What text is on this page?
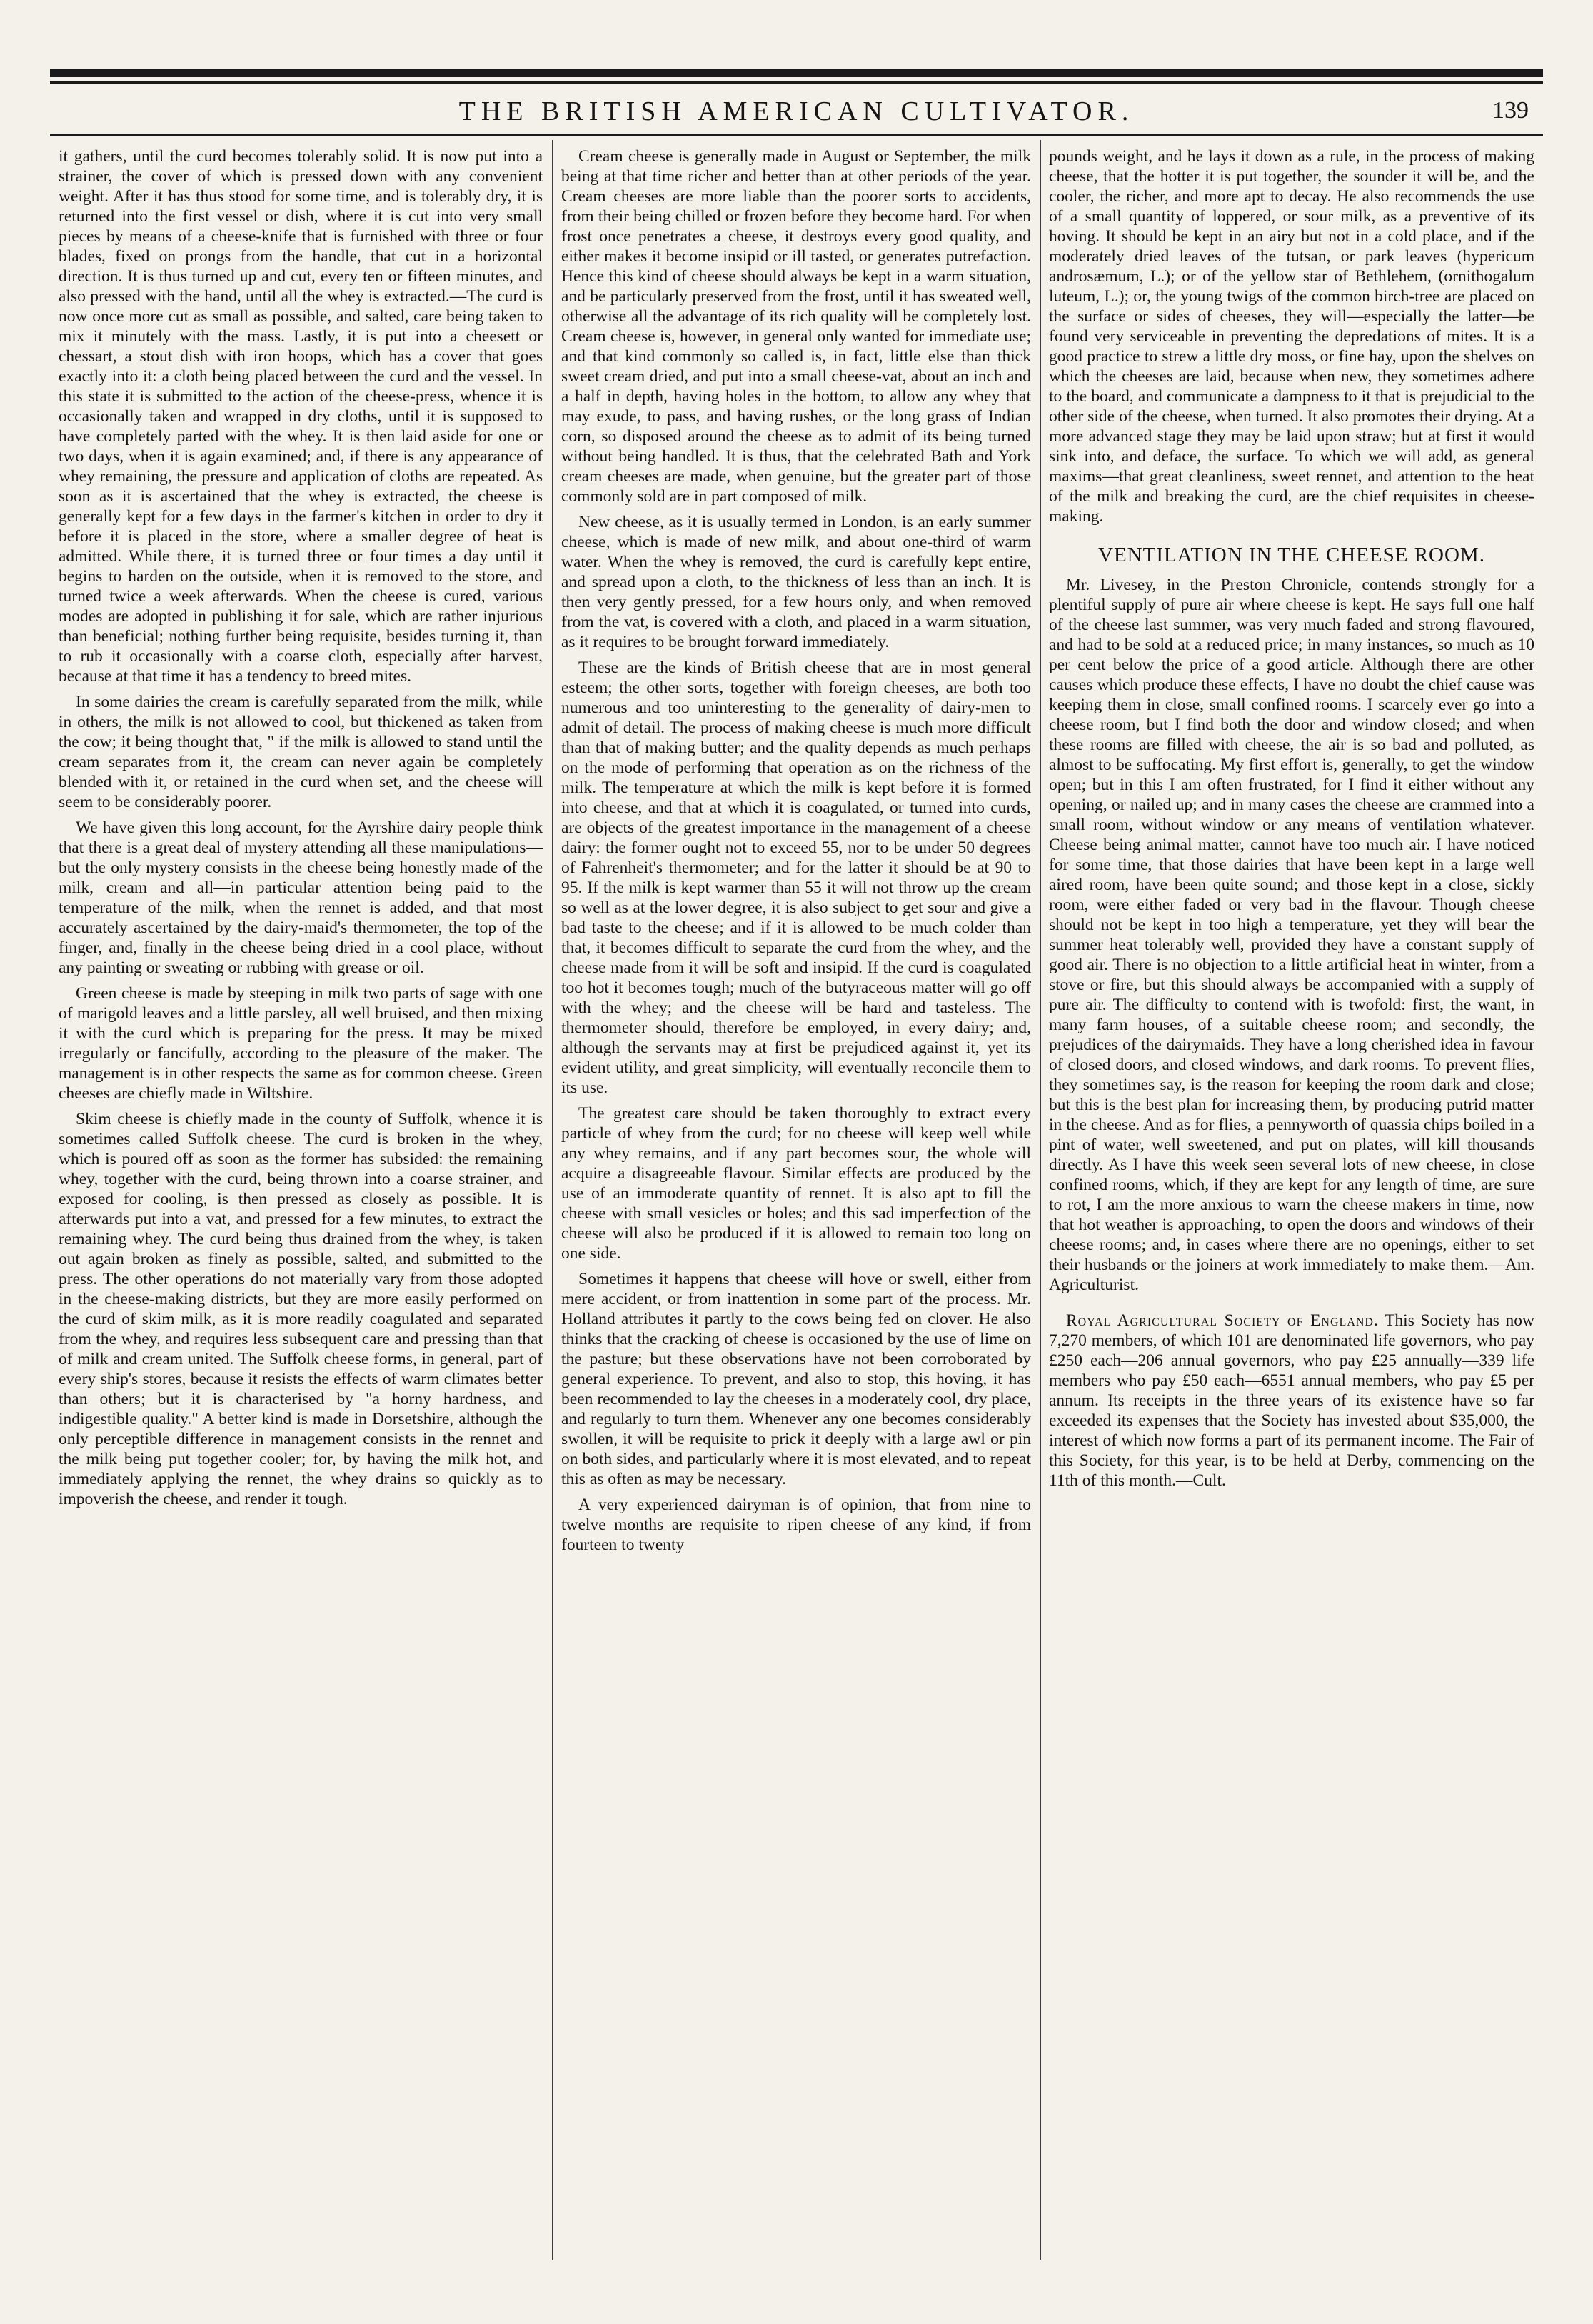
THE BRITISH AMERICAN CULTIVATOR.	139

it gathers, until the curd becomes tolerably solid. It is now put into a strainer, the cover of which is pressed down with any convenient weight. After it has thus stood for some time, and is tolerably dry, it is returned into the first vessel or dish, where it is cut into very small pieces by means of a cheese-knife that is furnished with three or four blades, fixed on prongs from the handle, that cut in a horizontal direction. It is thus turned up and cut, every ten or fifteen minutes, and also pressed with the hand, until all the whey is extracted.—The curd is now once more cut as small as possible, and salted, care being taken to mix it minutely with the mass. Lastly, it is put into a cheesett or chessart, a stout dish with iron hoops, which has a cover that goes exactly into it: a cloth being placed between the curd and the vessel. In this state it is submitted to the action of the cheese-press, whence it is occasionally taken and wrapped in dry cloths, until it is supposed to have completely parted with the whey. It is then laid aside for one or two days, when it is again examined; and, if there is any appearance of whey remaining, the pressure and application of cloths are repeated. As soon as it is ascertained that the whey is extracted, the cheese is generally kept for a few days in the farmer's kitchen in order to dry it before it is placed in the store, where a smaller degree of heat is admitted. While there, it is turned three or four times a day until it begins to harden on the outside, when it is removed to the store, and turned twice a week afterwards. When the cheese is cured, various modes are adopted in publishing it for sale, which are rather injurious than beneficial; nothing further being requisite, besides turning it, than to rub it occasionally with a coarse cloth, especially after harvest, because at that time it has a tendency to breed mites.

In some dairies the cream is carefully separated from the milk, while in others, the milk is not allowed to cool, but thickened as taken from the cow; it being thought that, " if the milk is allowed to stand until the cream separates from it, the cream can never again be completely blended with it, or retained in the curd when set, and the cheese will seem to be considerably poorer.

We have given this long account, for the Ayrshire dairy people think that there is a great deal of mystery attending all these manipulations—but the only mystery consists in the cheese being honestly made of the milk, cream and all—in particular attention being paid to the temperature of the milk, when the rennet is added, and that most accurately ascertained by the dairy-maid's thermometer, the top of the finger, and, finally in the cheese being dried in a cool place, without any painting or sweating or rubbing with grease or oil.

Green cheese is made by steeping in milk two parts of sage with one of marigold leaves and a little parsley, all well bruised, and then mixing it with the curd which is preparing for the press. It may be mixed irregularly or fancifully, according to the pleasure of the maker. The management is in other respects the same as for common cheese. Green cheeses are chiefly made in Wiltshire.

Skim cheese is chiefly made in the county of Suffolk, whence it is sometimes called Suffolk cheese. The curd is broken in the whey, which is poured off as soon as the former has subsided: the remaining whey, together with the curd, being thrown into a coarse strainer, and exposed for cooling, is then pressed as closely as possible. It is afterwards put into a vat, and pressed for a few minutes, to extract the remaining whey. The curd being thus drained from the whey, is taken out again broken as finely as possible, salted, and submitted to the press. The other operations do not materially vary from those adopted in the cheese-making districts, but they are more easily performed on the curd of skim milk, as it is more readily coagulated and separated from the whey, and requires less subsequent care and pressing than that of milk and cream united. The Suffolk cheese forms, in general, part of every ship's stores, because it resists the effects of warm climates better than others; but it is characterised by "a horny hardness, and indigestible quality." A better kind is made in Dorsetshire, although the only perceptible difference in management consists in the rennet and the milk being put together cooler; for, by having the milk hot, and immediately applying the rennet, the whey drains so quickly as to impoverish the cheese, and render it tough.

Cream cheese is generally made in August or September, the milk being at that time richer and better than at other periods of the year. Cream cheeses are more liable than the poorer sorts to accidents, from their being chilled or frozen before they become hard. For when frost once penetrates a cheese, it destroys every good quality, and either makes it become insipid or ill tasted, or generates putrefaction. Hence this kind of cheese should always be kept in a warm situation, and be particularly preserved from the frost, until it has sweated well, otherwise all the advantage of its rich quality will be completely lost. Cream cheese is, however, in general only wanted for immediate use; and that kind commonly so called is, in fact, little else than thick sweet cream dried, and put into a small cheese-vat, about an inch and a half in depth, having holes in the bottom, to allow any whey that may exude, to pass, and having rushes, or the long grass of Indian corn, so disposed around the cheese as to admit of its being turned without being handled. It is thus, that the celebrated Bath and York cream cheeses are made, when genuine, but the greater part of those commonly sold are in part composed of milk.

New cheese, as it is usually termed in London, is an early summer cheese, which is made of new milk, and about one-third of warm water. When the whey is removed, the curd is carefully kept entire, and spread upon a cloth, to the thickness of less than an inch. It is then very gently pressed, for a few hours only, and when removed from the vat, is covered with a cloth, and placed in a warm situation, as it requires to be brought forward immediately.

These are the kinds of British cheese that are in most general esteem; the other sorts, together with foreign cheeses, are both too numerous and too uninteresting to the generality of dairy-men to admit of detail. The process of making cheese is much more difficult than that of making butter; and the quality depends as much perhaps on the mode of performing that operation as on the richness of the milk. The temperature at which the milk is kept before it is formed into cheese, and that at which it is coagulated, or turned into curds, are objects of the greatest importance in the management of a cheese dairy: the former ought not to exceed 55, nor to be under 50 degrees of Fahrenheit's thermometer; and for the latter it should be at 90 to 95. If the milk is kept warmer than 55 it will not throw up the cream so well as at the lower degree, it is also subject to get sour and give a bad taste to the cheese; and if it is allowed to be much colder than that, it becomes difficult to separate the curd from the whey, and the cheese made from it will be soft and insipid. If the curd is coagulated too hot it becomes tough; much of the butyraceous matter will go off with the whey; and the cheese will be hard and tasteless. The thermometer should, therefore be employed, in every dairy; and, although the servants may at first be prejudiced against it, yet its evident utility, and great simplicity, will eventually reconcile them to its use.

The greatest care should be taken thoroughly to extract every particle of whey from the curd; for no cheese will keep well while any whey remains, and if any part becomes sour, the whole will acquire a disagreeable flavour. Similar effects are produced by the use of an immoderate quantity of rennet. It is also apt to fill the cheese with small vesicles or holes; and this sad imperfection of the cheese will also be produced if it is allowed to remain too long on one side.

Sometimes it happens that cheese will hove or swell, either from mere accident, or from inattention in some part of the process. Mr. Holland attributes it partly to the cows being fed on clover. He also thinks that the cracking of cheese is occasioned by the use of lime on the pasture; but these observations have not been corroborated by general experience. To prevent, and also to stop, this hoving, it has been recommended to lay the cheeses in a moderately cool, dry place, and regularly to turn them. Whenever any one becomes considerably swollen, it will be requisite to prick it deeply with a large awl or pin on both sides, and particularly where it is most elevated, and to repeat this as often as may be necessary.

A very experienced dairyman is of opinion, that from nine to twelve months are requisite to ripen cheese of any kind, if from fourteen to twenty

pounds weight, and he lays it down as a rule, in the process of making cheese, that the hotter it is put together, the sounder it will be, and the cooler, the richer, and more apt to decay. He also recommends the use of a small quantity of loppered, or sour milk, as a preventive of its hoving. It should be kept in an airy but not in a cold place, and if the moderately dried leaves of the tutsan, or park leaves (hypericum androsæmum, L.); or of the yellow star of Bethlehem, (ornithogalum luteum, L.); or, the young twigs of the common birch-tree are placed on the surface or sides of cheeses, they will—especially the latter—be found very serviceable in preventing the depredations of mites. It is a good practice to strew a little dry moss, or fine hay, upon the shelves on which the cheeses are laid, because when new, they sometimes adhere to the board, and communicate a dampness to it that is prejudicial to the other side of the cheese, when turned. It also promotes their drying. At a more advanced stage they may be laid upon straw; but at first it would sink into, and deface, the surface. To which we will add, as general maxims—that great cleanliness, sweet rennet, and attention to the heat of the milk and breaking the curd, are the chief requisites in cheese-making.

VENTILATION IN THE CHEESE ROOM.

Mr. Livesey, in the Preston Chronicle, contends strongly for a plentiful supply of pure air where cheese is kept. He says full one half of the cheese last summer, was very much faded and strong flavoured, and had to be sold at a reduced price; in many instances, so much as 10 per cent below the price of a good article. Although there are other causes which produce these effects, I have no doubt the chief cause was keeping them in close, small confined rooms. I scarcely ever go into a cheese room, but I find both the door and window closed; and when these rooms are filled with cheese, the air is so bad and polluted, as almost to be suffocating. My first effort is, generally, to get the window open; but in this I am often frustrated, for I find it either without any opening, or nailed up; and in many cases the cheese are crammed into a small room, without window or any means of ventilation whatever. Cheese being animal matter, cannot have too much air. I have noticed for some time, that those dairies that have been kept in a large well aired room, have been quite sound; and those kept in a close, sickly room, were either faded or very bad in the flavour. Though cheese should not be kept in too high a temperature, yet they will bear the summer heat tolerably well, provided they have a constant supply of good air. There is no objection to a little artificial heat in winter, from a stove or fire, but this should always be accompanied with a supply of pure air. The difficulty to contend with is twofold: first, the want, in many farm houses, of a suitable cheese room; and secondly, the prejudices of the dairymaids. They have a long cherished idea in favour of closed doors, and closed windows, and dark rooms. To prevent flies, they sometimes say, is the reason for keeping the room dark and close; but this is the best plan for increasing them, by producing putrid matter in the cheese. And as for flies, a pennyworth of quassia chips boiled in a pint of water, well sweetened, and put on plates, will kill thousands directly. As I have this week seen several lots of new cheese, in close confined rooms, which, if they are kept for any length of time, are sure to rot, I am the more anxious to warn the cheese makers in time, now that hot weather is approaching, to open the doors and windows of their cheese rooms; and, in cases where there are no openings, either to set their husbands or the joiners at work immediately to make them.—Am. Agriculturist.

Royal Agricultural Society of England. This Society has now 7,270 members, of which 101 are denominated life governors, who pay £250 each—206 annual governors, who pay £25 annually—339 life members who pay £50 each—6551 annual members, who pay £5 per annum. Its receipts in the three years of its existence have so far exceeded its expenses that the Society has invested about $35,000, the interest of which now forms a part of its permanent income. The Fair of this Society, for this year, is to be held at Derby, commencing on the 11th of this month.—Cult.
